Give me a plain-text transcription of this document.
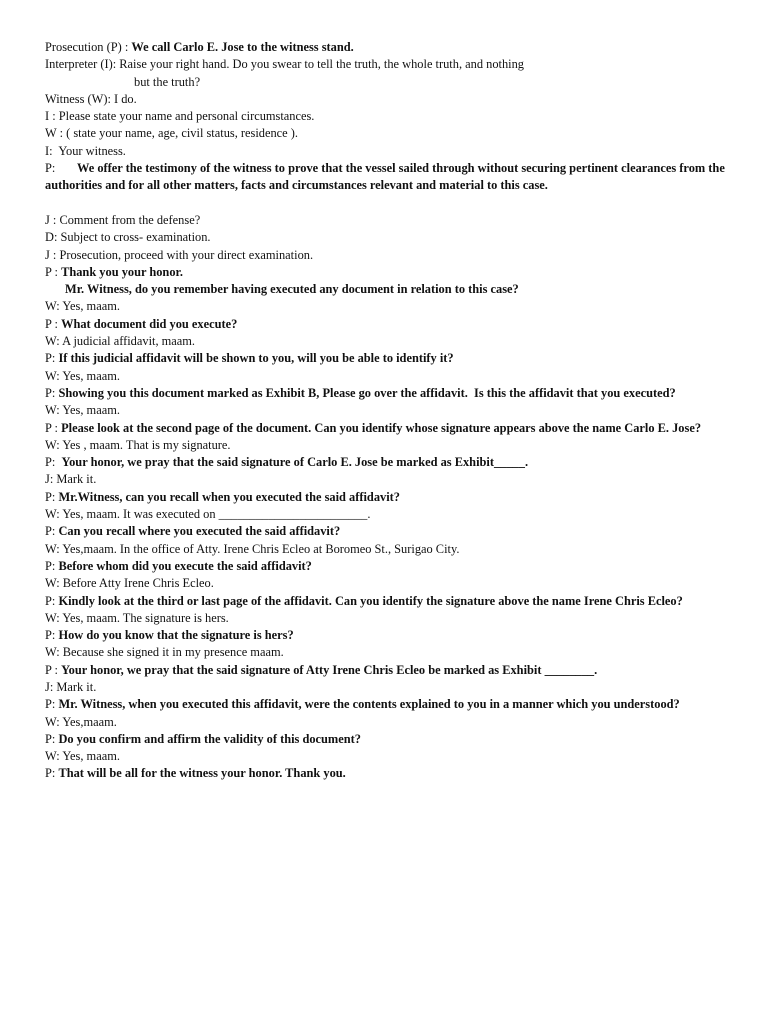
Prosecution (P) : We call Carlo E. Jose to the witness stand.
Interpreter (I): Raise your right hand. Do you swear to tell the truth, the whole truth, and nothing
but the truth?
Witness (W): I do.
I : Please state your name and personal circumstances.
W : ( state your name, age, civil status, residence ).
I:  Your witness.
P:       We offer the testimony of the witness to prove that the vessel sailed through without securing pertinent clearances from the authorities and for all other matters, facts and circumstances relevant and material to this case.
J : Comment from the defense?
D: Subject to cross- examination.
J : Prosecution, proceed with your direct examination.
P : Thank you your honor.
Mr. Witness, do you remember having executed any document in relation to this case?
W: Yes, maam.
P : What document did you execute?
W: A judicial affidavit, maam.
P: If this judicial affidavit will be shown to you, will you be able to identify it?
W: Yes, maam.
P: Showing you this document marked as Exhibit B, Please go over the affidavit.  Is this the affidavit that you executed?
W: Yes, maam.
P : Please look at the second page of the document. Can you identify whose signature appears above the name Carlo E. Jose?
W: Yes , maam. That is my signature.
P:  Your honor, we pray that the said signature of Carlo E. Jose be marked as Exhibit_____.
J: Mark it.
P: Mr.Witness, can you recall when you executed the said affidavit?
W: Yes, maam. It was executed on ________________________.
P: Can you recall where you executed the said affidavit?
W: Yes,maam. In the office of Atty. Irene Chris Ecleo at Boromeo St., Surigao City.
P: Before whom did you execute the said affidavit?
W: Before Atty Irene Chris Ecleo.
P: Kindly look at the third or last page of the affidavit. Can you identify the signature above the name Irene Chris Ecleo?
W: Yes, maam. The signature is hers.
P: How do you know that the signature is hers?
W: Because she signed it in my presence maam.
P : Your honor, we pray that the said signature of Atty Irene Chris Ecleo be marked as Exhibit ________.
J: Mark it.
P: Mr. Witness, when you executed this affidavit, were the contents explained to you in a manner which you understood?
W: Yes,maam.
P: Do you confirm and affirm the validity of this document?
W: Yes, maam.
P: That will be all for the witness your honor. Thank you.
